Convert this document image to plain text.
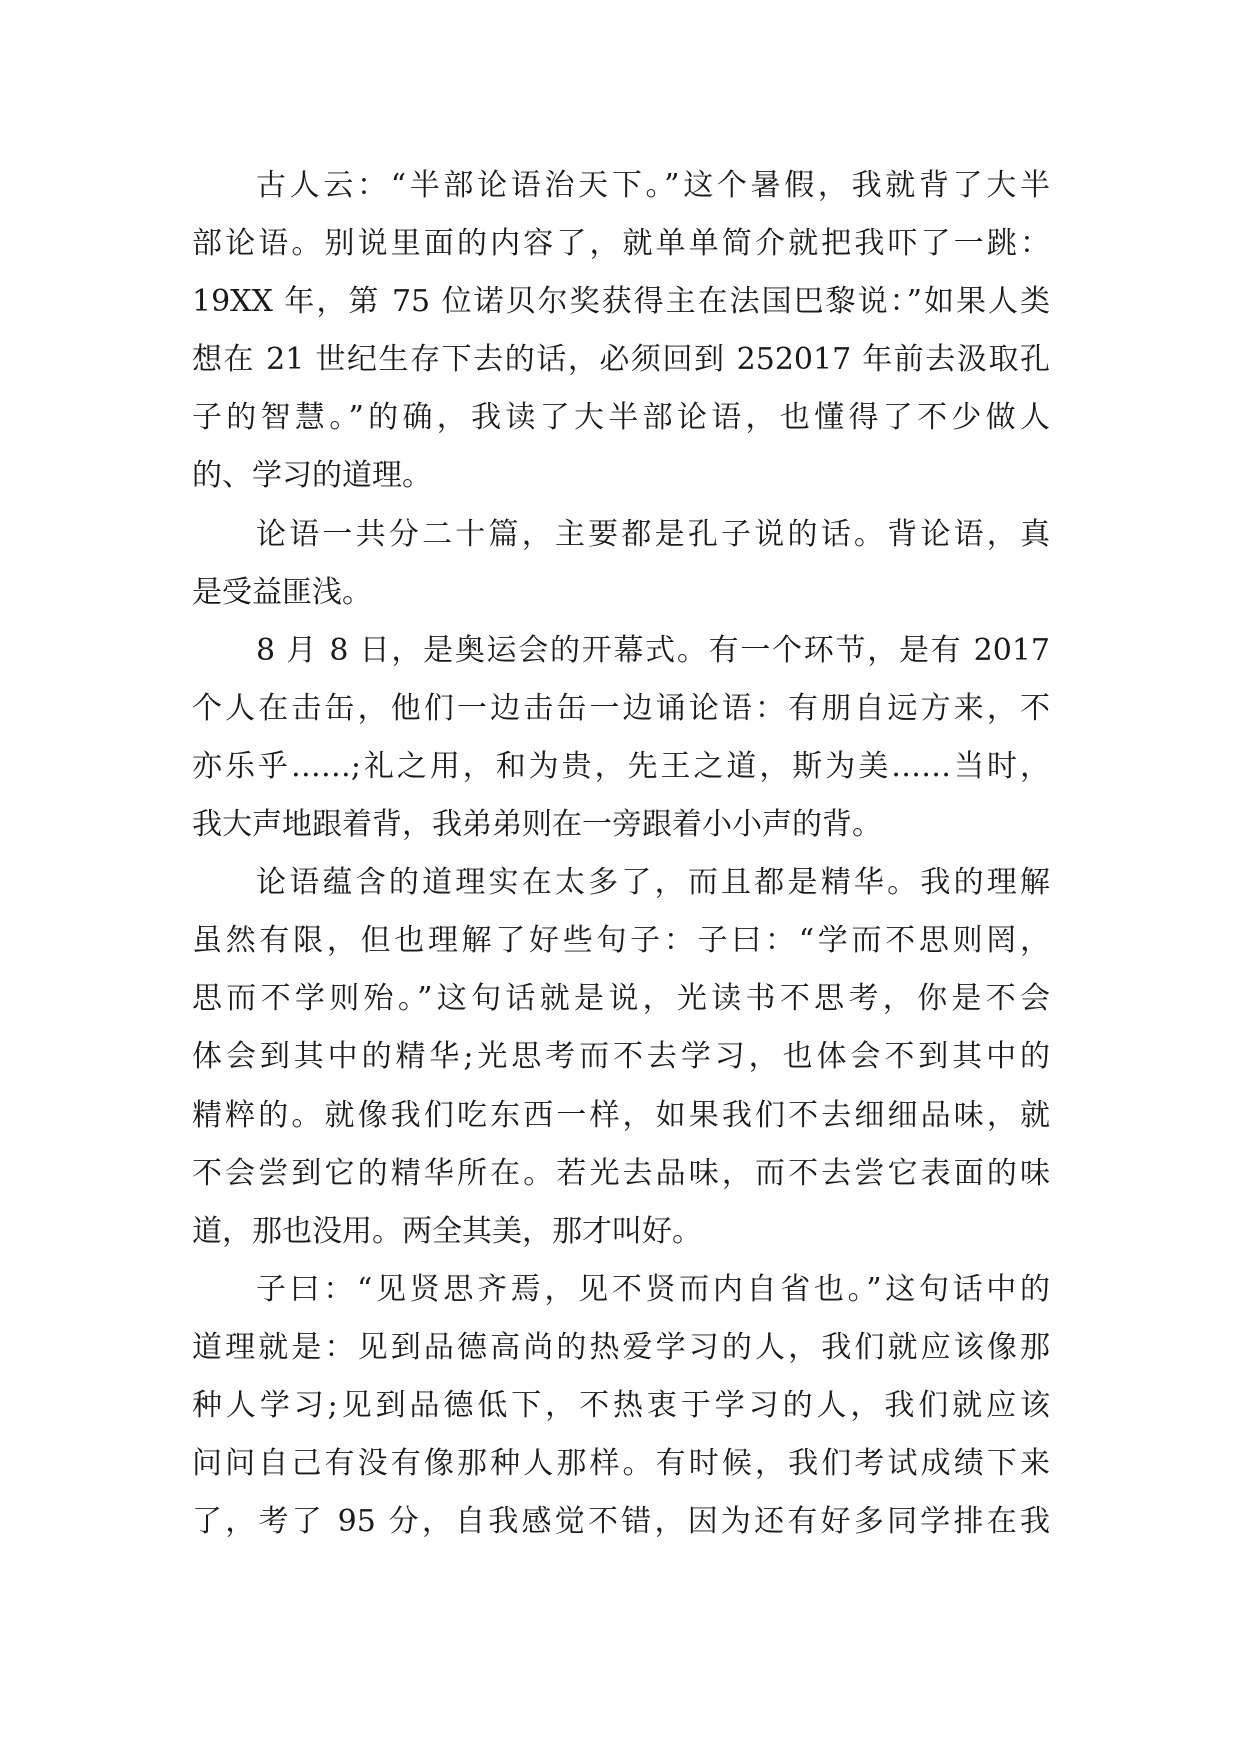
古人云：“半部论语治天下。”这个暑假，我就背了大半
部论语。别说里面的内容了，就单单简介就把我吓了一跳：
19XX 年，第 75 位诺贝尔奖获得主在法国巴黎说：”如果人类
想在 21 世纪生存下去的话，必须回到 252017 年前去汲取孔
子的智慧。”的确，我读了大半部论语，也懂得了不少做人
的、学习的道理。
论语一共分二十篇，主要都是孔子说的话。背论语，真
是受益匪浅。
8 月 8 日，是奥运会的开幕式。有一个环节，是有 2017
个人在击缶，他们一边击缶一边诵论语：有朋自远方来，不
亦乐乎……;礼之用，和为贵，先王之道，斯为美……当时，
我大声地跟着背，我弟弟则在一旁跟着小小声的背。
论语蕴含的道理实在太多了，而且都是精华。我的理解
虽然有限，但也理解了好些句子：子曰：“学而不思则罔，
思而不学则殆。”这句话就是说，光读书不思考，你是不会
体会到其中的精华;光思考而不去学习，也体会不到其中的
精粹的。就像我们吃东西一样，如果我们不去细细品味，就
不会尝到它的精华所在。若光去品味，而不去尝它表面的味
道，那也没用。两全其美，那才叫好。
子曰：“见贤思齐焉，见不贤而内自省也。”这句话中的
道理就是：见到品德高尚的热爱学习的人，我们就应该像那
种人学习;见到品德低下，不热衷于学习的人，我们就应该
问问自己有没有像那种人那样。有时候，我们考试成绩下来
了，考了 95 分，自我感觉不错，因为还有好多同学排在我
